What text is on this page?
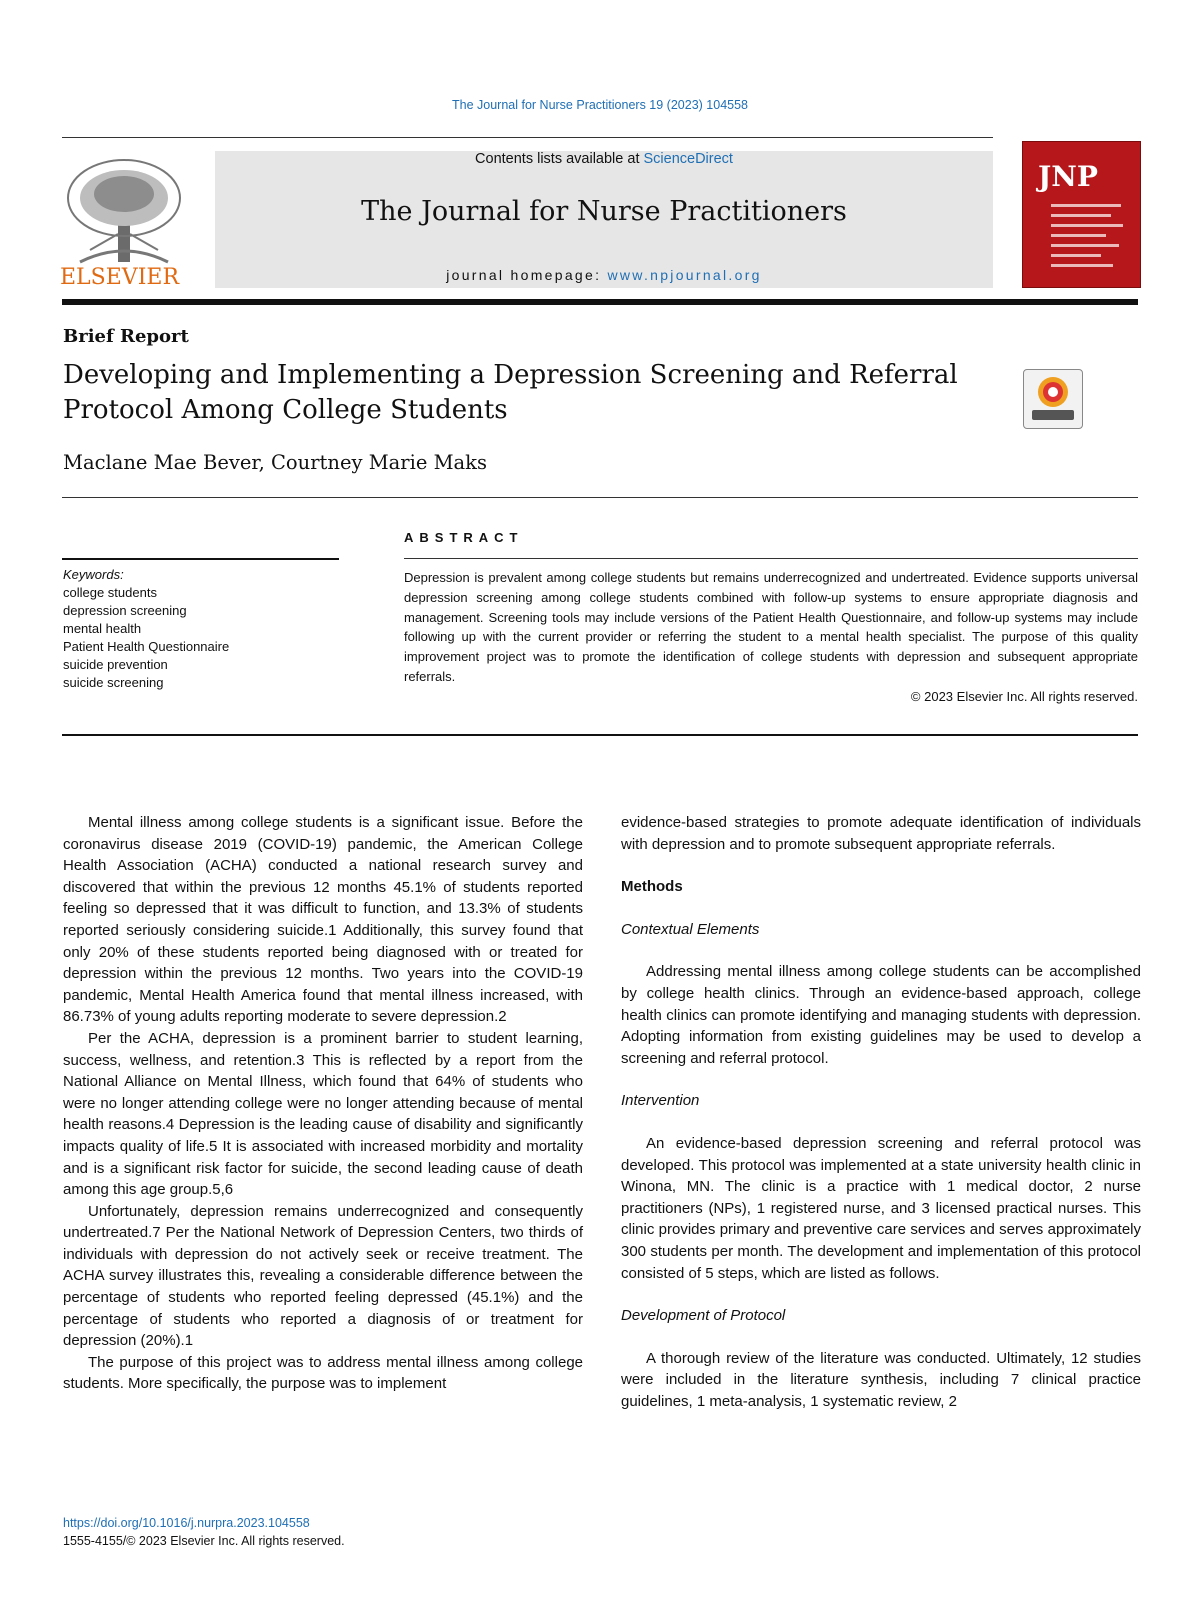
The Journal for Nurse Practitioners 19 (2023) 104558
ELSEVIER
Contents lists available at ScienceDirect
The Journal for Nurse Practitioners
journal homepage: www.npjournal.org
JNP
Brief Report
Developing and Implementing a Depression Screening and Referral
Protocol Among College Students
Maclane Mae Bever, Courtney Marie Maks
ABSTRACT
Keywords:
college students
depression screening
mental health
Patient Health Questionnaire
suicide prevention
suicide screening
Depression is prevalent among college students but remains underrecognized and undertreated. Evidence supports universal depression screening among college students combined with follow-up systems to ensure appropriate diagnosis and management. Screening tools may include versions of the Patient Health Questionnaire, and follow-up systems may include following up with the current provider or referring the student to a mental health specialist. The purpose of this quality improvement project was to promote the identification of college students with depression and subsequent appropriate referrals.
© 2023 Elsevier Inc. All rights reserved.

Mental illness among college students is a significant issue. Before the coronavirus disease 2019 (COVID-19) pandemic, the American College Health Association (ACHA) conducted a national research survey and discovered that within the previous 12 months 45.1% of students reported feeling so depressed that it was difficult to function, and 13.3% of students reported seriously considering suicide.1 Additionally, this survey found that only 20% of these students reported being diagnosed with or treated for depression within the previous 12 months. Two years into the COVID-19 pandemic, Mental Health America found that mental illness increased, with 86.73% of young adults reporting moderate to severe depression.2

Per the ACHA, depression is a prominent barrier to student learning, success, wellness, and retention.3 This is reflected by a report from the National Alliance on Mental Illness, which found that 64% of students who were no longer attending college were no longer attending because of mental health reasons.4 Depression is the leading cause of disability and significantly impacts quality of life.5 It is associated with increased morbidity and mortality and is a significant risk factor for suicide, the second leading cause of death among this age group.5,6

Unfortunately, depression remains underrecognized and consequently undertreated.7 Per the National Network of Depression Centers, two thirds of individuals with depression do not actively seek or receive treatment. The ACHA survey illustrates this, revealing a considerable difference between the percentage of students who reported feeling depressed (45.1%) and the percentage of students who reported a diagnosis of or treatment for depression (20%).1

The purpose of this project was to address mental illness among college students. More specifically, the purpose was to implement

evidence-based strategies to promote adequate identification of individuals with depression and to promote subsequent appropriate referrals.

Methods
Contextual Elements

Addressing mental illness among college students can be accomplished by college health clinics. Through an evidence-based approach, college health clinics can promote identifying and managing students with depression. Adopting information from existing guidelines may be used to develop a screening and referral protocol.

Intervention

An evidence-based depression screening and referral protocol was developed. This protocol was implemented at a state university health clinic in Winona, MN. The clinic is a practice with 1 medical doctor, 2 nurse practitioners (NPs), 1 registered nurse, and 3 licensed practical nurses. This clinic provides primary and preventive care services and serves approximately 300 students per month. The development and implementation of this protocol consisted of 5 steps, which are listed as follows.

Development of Protocol

A thorough review of the literature was conducted. Ultimately, 12 studies were included in the literature synthesis, including 7 clinical practice guidelines, 1 meta-analysis, 1 systematic review, 2

https://doi.org/10.1016/j.nurpra.2023.104558
1555-4155/© 2023 Elsevier Inc. All rights reserved.
